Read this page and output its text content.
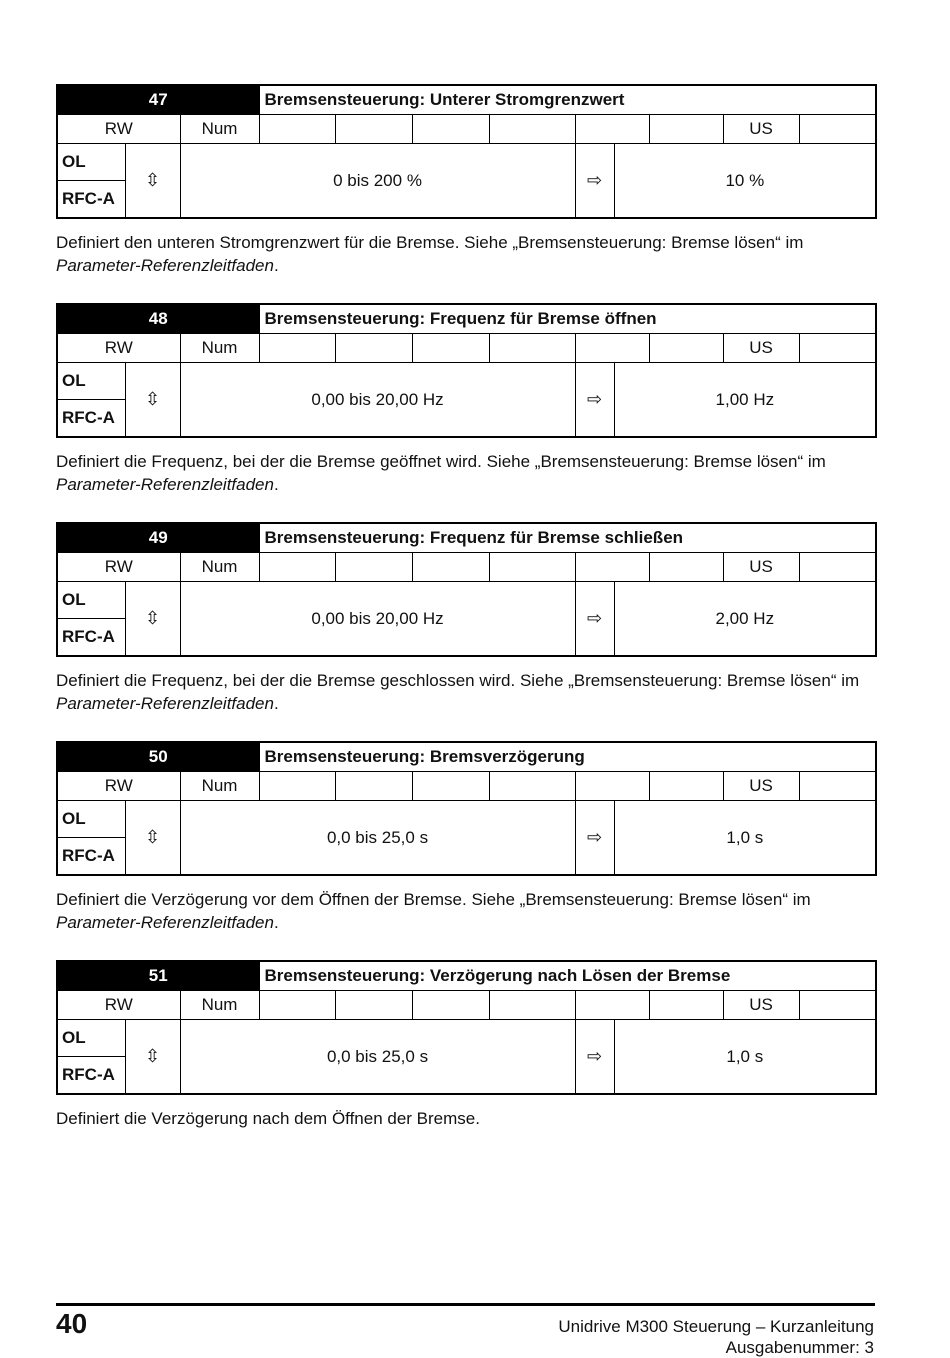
47			Bremsensteuerung: Unterer Stromgrenzwert								
RW		Num								US	
OL	⇳	0 bis 200 %					⇨	10 %			
RFC-A											
Definiert den unteren Stromgrenzwert für die Bremse. Siehe „Bremsensteuerung: Bremse lösen“ im Parameter-Referenzleitfaden.
48			Bremsensteuerung: Frequenz für Bremse öffnen								
RW		Num								US	
OL	⇳	0,00 bis 20,00 Hz					⇨	1,00 Hz			
RFC-A											
Definiert die Frequenz, bei der die Bremse geöffnet wird. Siehe „Bremsensteuerung: Bremse lösen“ im Parameter-Referenzleitfaden.
49			Bremsensteuerung: Frequenz für Bremse schließen								
RW		Num								US	
OL	⇳	0,00 bis 20,00 Hz					⇨	2,00 Hz			
RFC-A											
Definiert die Frequenz, bei der die Bremse geschlossen wird. Siehe „Bremsensteuerung: Bremse lösen“ im Parameter-Referenzleitfaden.
50			Bremsensteuerung: Bremsverzögerung								
RW		Num								US	
OL	⇳	0,0 bis 25,0 s					⇨	1,0 s			
RFC-A											
Definiert die Verzögerung vor dem Öffnen der Bremse. Siehe „Bremsensteuerung: Bremse lösen“ im Parameter-Referenzleitfaden.
51			Bremsensteuerung: Verzögerung nach Lösen der Bremse								
RW		Num								US	
OL	⇳	0,0 bis 25,0 s					⇨	1,0 s			
RFC-A											
Definiert die Verzögerung nach dem Öffnen der Bremse.
40	Unidrive M300 Steuerung – Kurzanleitung
Ausgabenummer: 3
